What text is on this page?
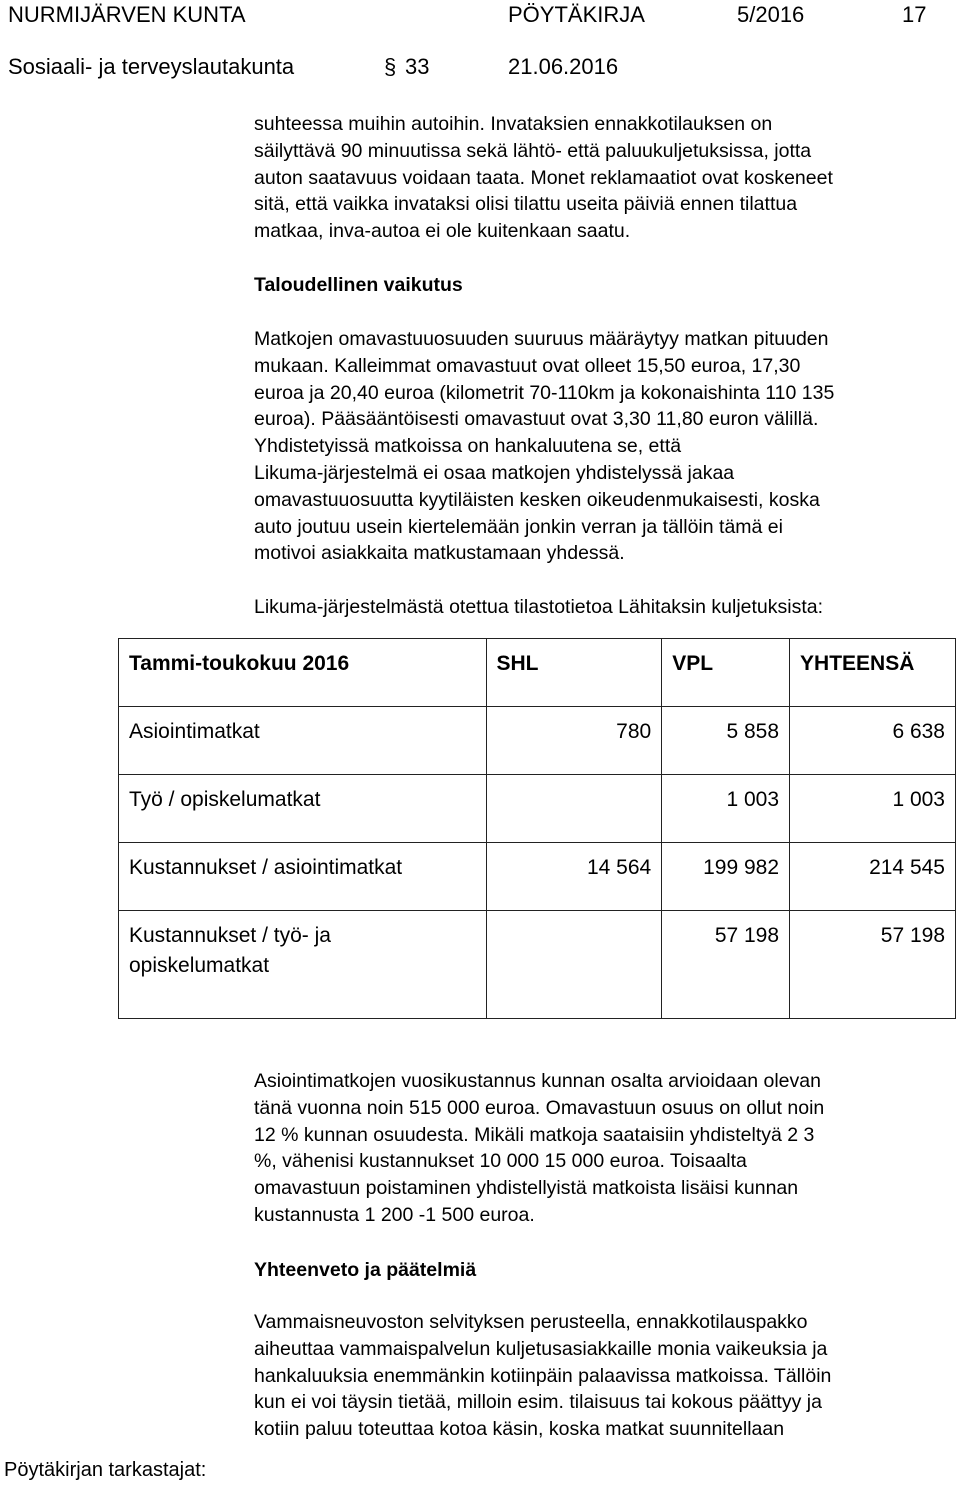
NURMIJÄRVEN KUNTA	PÖYTÄKIRJA	5/2016	17
Sosiaali- ja terveyslautakunta	§ 33	21.06.2016
suhteessa muihin autoihin. Invataksien ennakkotilauksen on
säilyttävä 90 minuutissa sekä lähtö- että paluukuljetuksissa, jotta
auton saatavuus voidaan taata. Monet reklamaatiot ovat koskeneet
sitä, että vaikka invataksi olisi tilattu useita päiviä ennen tilattua
matkaa, inva-autoa ei ole kuitenkaan saatu.
Taloudellinen vaikutus
Matkojen omavastuuosuuden suuruus määräytyy matkan pituuden
mukaan. Kalleimmat omavastuut ovat olleet 15,50 euroa, 17,30
euroa ja 20,40 euroa (kilometrit 70-110km ja kokonaishinta 110 135
euroa). Pääsääntöisesti omavastuut ovat 3,30 11,80 euron välillä.
Yhdistetyissä matkoissa on hankaluutena se, että
Likuma-järjestelmä ei osaa matkojen yhdistelyssä jakaa
omavastuuosuutta kyytiläisten kesken oikeudenmukaisesti, koska
auto joutuu usein kiertelemään jonkin verran ja tällöin tämä ei
motivoi asiakkaita matkustamaan yhdessä.
Likuma-järjestelmästä otettua tilastotietoa Lähitaksin kuljetuksista:
Tammi-toukokuu 2016	SHL	VPL	YHTEENSÄ
Asiointimatkat	780	5 858	6 638
Työ / opiskelumatkat		1 003	1 003
Kustannukset / asiointimatkat	14 564	199 982	214 545

Kustannukset / työ- ja
opiskelumatkat		57 198	57 198
Asiointimatkojen vuosikustannus kunnan osalta arvioidaan olevan
tänä vuonna noin 515 000 euroa. Omavastuun osuus on ollut noin
12 % kunnan osuudesta. Mikäli matkoja saataisiin yhdisteltyä 2 3
%, vähenisi kustannukset 10 000 15 000 euroa. Toisaalta
omavastuun poistaminen yhdistellyistä matkoista lisäisi kunnan
kustannusta 1 200 -1 500 euroa.
Yhteenveto ja päätelmiä
Vammaisneuvoston selvityksen perusteella, ennakkotilauspakko
aiheuttaa vammaispalvelun kuljetusasiakkaille monia vaikeuksia ja
hankaluuksia enemmänkin kotiinpäin palaavissa matkoissa. Tällöin
kun ei voi täysin tietää, milloin esim. tilaisuus tai kokous päättyy ja
kotiin paluu toteuttaa kotoa käsin, koska matkat suunnitellaan
Pöytäkirjan tarkastajat:
